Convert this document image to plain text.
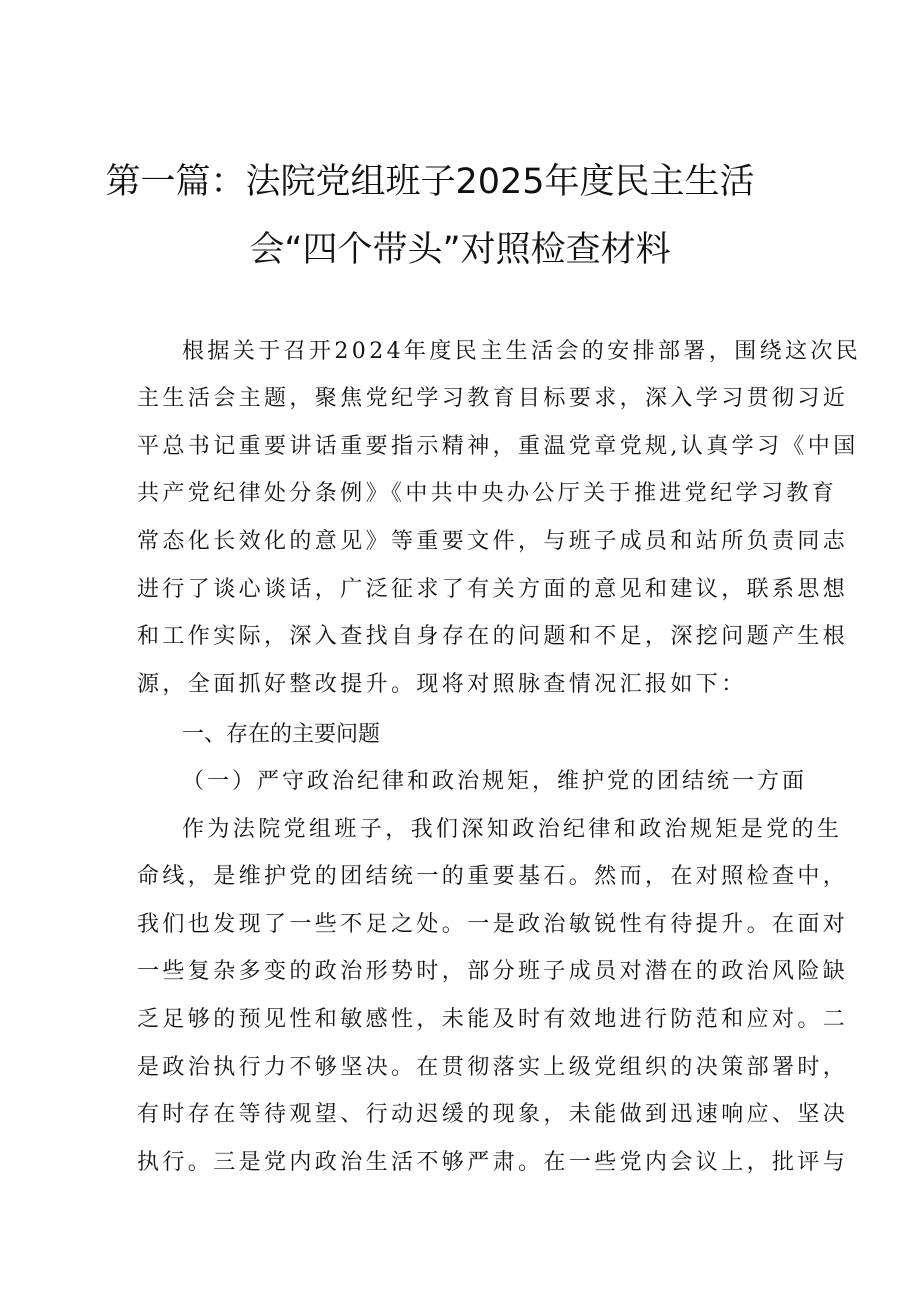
第一篇：法院党组班子2025年度民主生活
会“四个带头”对照检查材料
根据关于召开2024年度民主生活会的安排部署，围绕这次民
主生活会主题，聚焦党纪学习教育目标要求，深入学习贯彻习近
平总书记重要讲话重要指示精神，重温党章党规,认真学习《中国
共产党纪律处分条例》《中共中央办公厅关于推进党纪学习教育
常态化长效化的意见》等重要文件，与班子成员和站所负责同志
进行了谈心谈话，广泛征求了有关方面的意见和建议，联系思想
和工作实际，深入查找自身存在的问题和不足，深挖问题产生根
源，全面抓好整改提升。现将对照脉查情况汇报如下：
一、存在的主要问题
（一）严守政治纪律和政治规矩，维护党的团结统一方面
作为法院党组班子，我们深知政治纪律和政治规矩是党的生
命线，是维护党的团结统一的重要基石。然而，在对照检查中，
我们也发现了一些不足之处。一是政治敏锐性有待提升。在面对
一些复杂多变的政治形势时，部分班子成员对潜在的政治风险缺
乏足够的预见性和敏感性，未能及时有效地进行防范和应对。二
是政治执行力不够坚决。在贯彻落实上级党组织的决策部署时，
有时存在等待观望、行动迟缓的现象，未能做到迅速响应、坚决
执行。三是党内政治生活不够严肃。在一些党内会议上，批评与
